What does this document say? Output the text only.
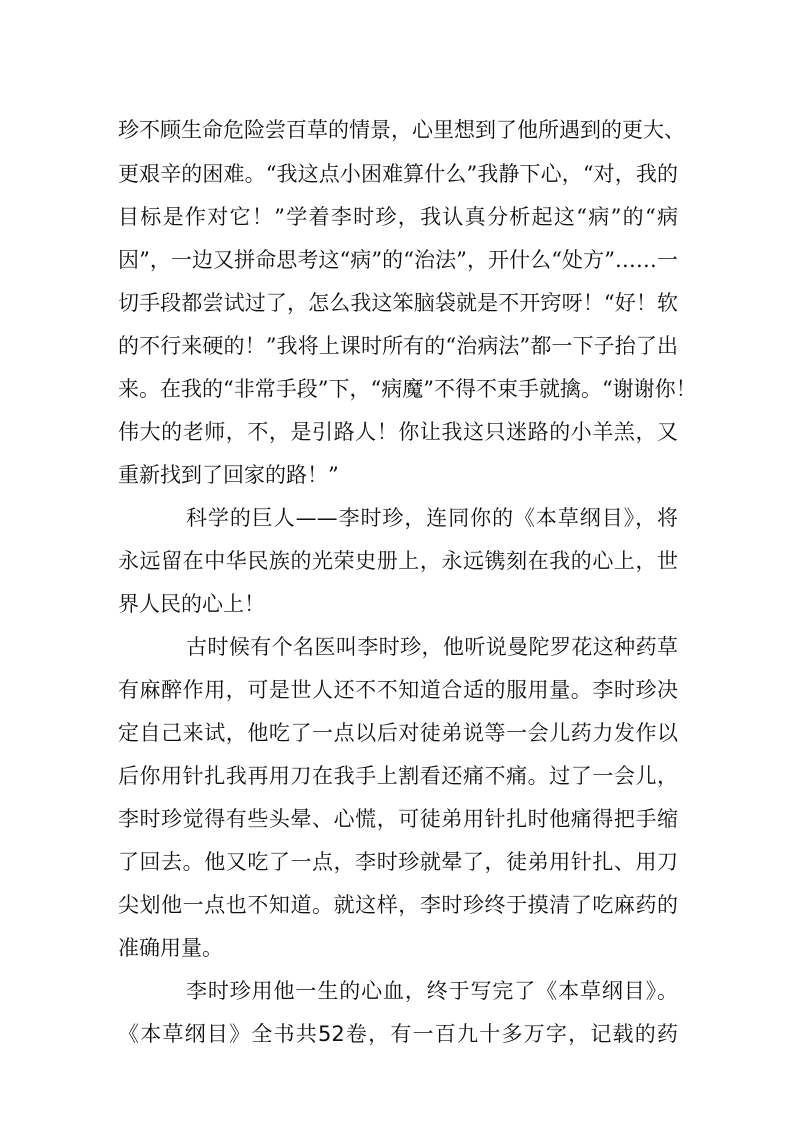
珍不顾生命危险尝百草的情景，心里想到了他所遇到的更大、
更艰辛的困难。“我这点小困难算什么”我静下心，“对，我的
目标是作对它！”学着李时珍，我认真分析起这“病”的“病
因”，一边又拼命思考这“病”的“治法”，开什么“处方”……一
切手段都尝试过了，怎么我这笨脑袋就是不开窍呀！“好！软
的不行来硬的！”我将上课时所有的“治病法”都一下子抬了出
来。在我的“非常手段”下，“病魔”不得不束手就擒。“谢谢你！
伟大的老师，不，是引路人！你让我这只迷路的小羊羔，又
重新找到了回家的路！”
科学的巨人——李时珍，连同你的《本草纲目》，将
永远留在中华民族的光荣史册上，永远镌刻在我的心上，世
界人民的心上！
古时候有个名医叫李时珍，他听说曼陀罗花这种药草
有麻醉作用，可是世人还不不知道合适的服用量。李时珍决
定自己来试，他吃了一点以后对徒弟说等一会儿药力发作以
后你用针扎我再用刀在我手上割看还痛不痛。过了一会儿，
李时珍觉得有些头晕、心慌，可徒弟用针扎时他痛得把手缩
了回去。他又吃了一点，李时珍就晕了，徒弟用针扎、用刀
尖划他一点也不知道。就这样，李时珍终于摸清了吃麻药的
准确用量。
李时珍用他一生的心血，终于写完了《本草纲目》。
《本草纲目》全书共52卷，有一百九十多万字，记载的药
